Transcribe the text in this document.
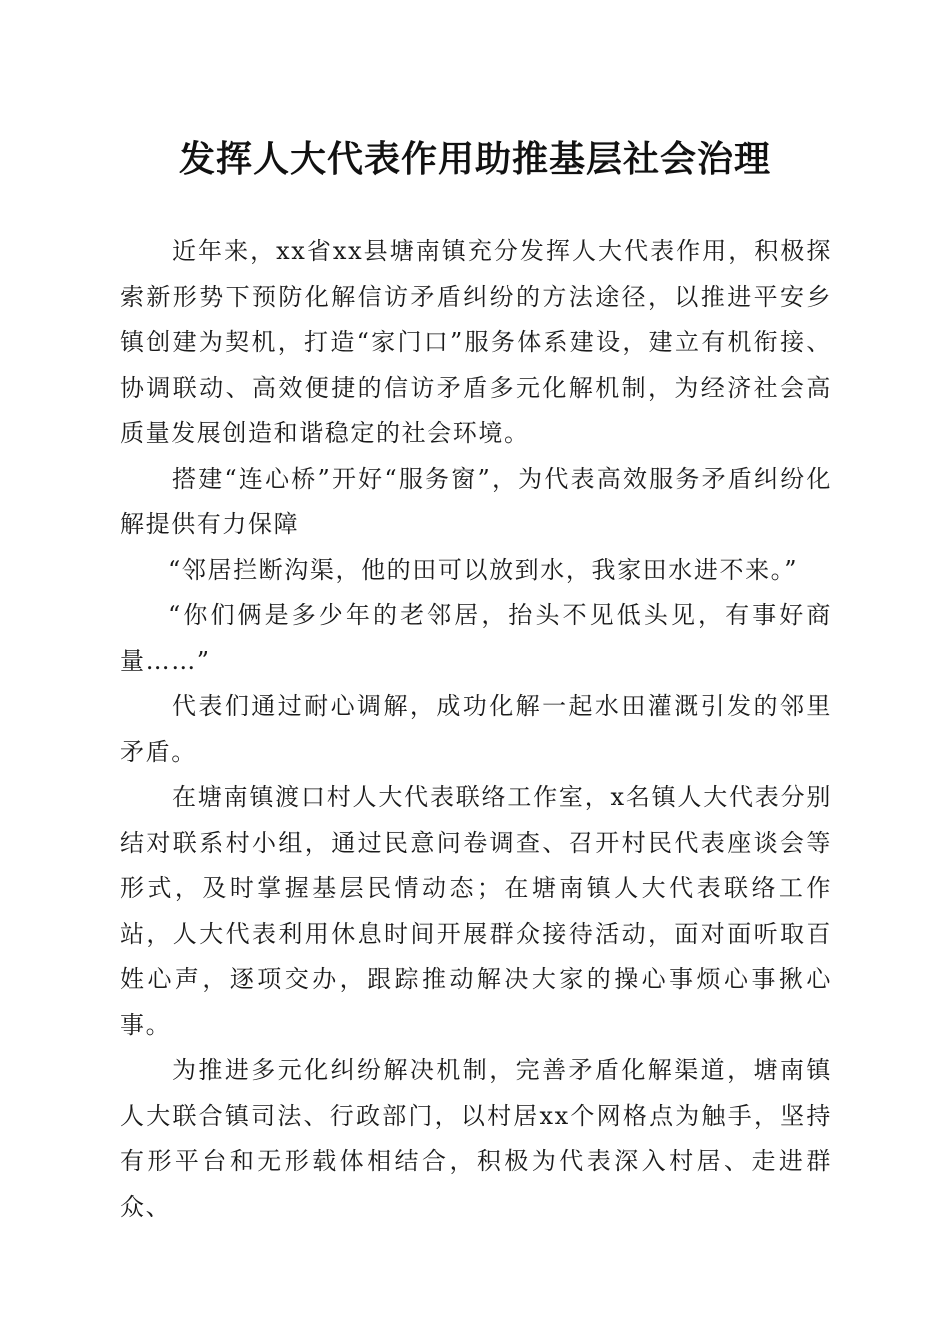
发挥人大代表作用助推基层社会治理

近年来，xx省xx县塘南镇充分发挥人大代表作用，积极探索新形势下预防化解信访矛盾纠纷的方法途径，以推进平安乡镇创建为契机，打造“家门口”服务体系建设，建立有机衔接、协调联动、高效便捷的信访矛盾多元化解机制，为经济社会高质量发展创造和谐稳定的社会环境。

搭建“连心桥”开好“服务窗”，为代表高效服务矛盾纠纷化解提供有力保障

“邻居拦断沟渠，他的田可以放到水，我家田水进不来。”

“你们俩是多少年的老邻居，抬头不见低头见，有事好商量……”

代表们通过耐心调解，成功化解一起水田灌溉引发的邻里矛盾。

在塘南镇渡口村人大代表联络工作室，x名镇人大代表分别结对联系村小组，通过民意问卷调查、召开村民代表座谈会等形式，及时掌握基层民情动态；在塘南镇人大代表联络工作站，人大代表利用休息时间开展群众接待活动，面对面听取百姓心声，逐项交办，跟踪推动解决大家的操心事烦心事揪心事。

为推进多元化纠纷解决机制，完善矛盾化解渠道，塘南镇人大联合镇司法、行政部门，以村居xx个网格点为触手，坚持有形平台和无形载体相结合，积极为代表深入村居、走进群众、
